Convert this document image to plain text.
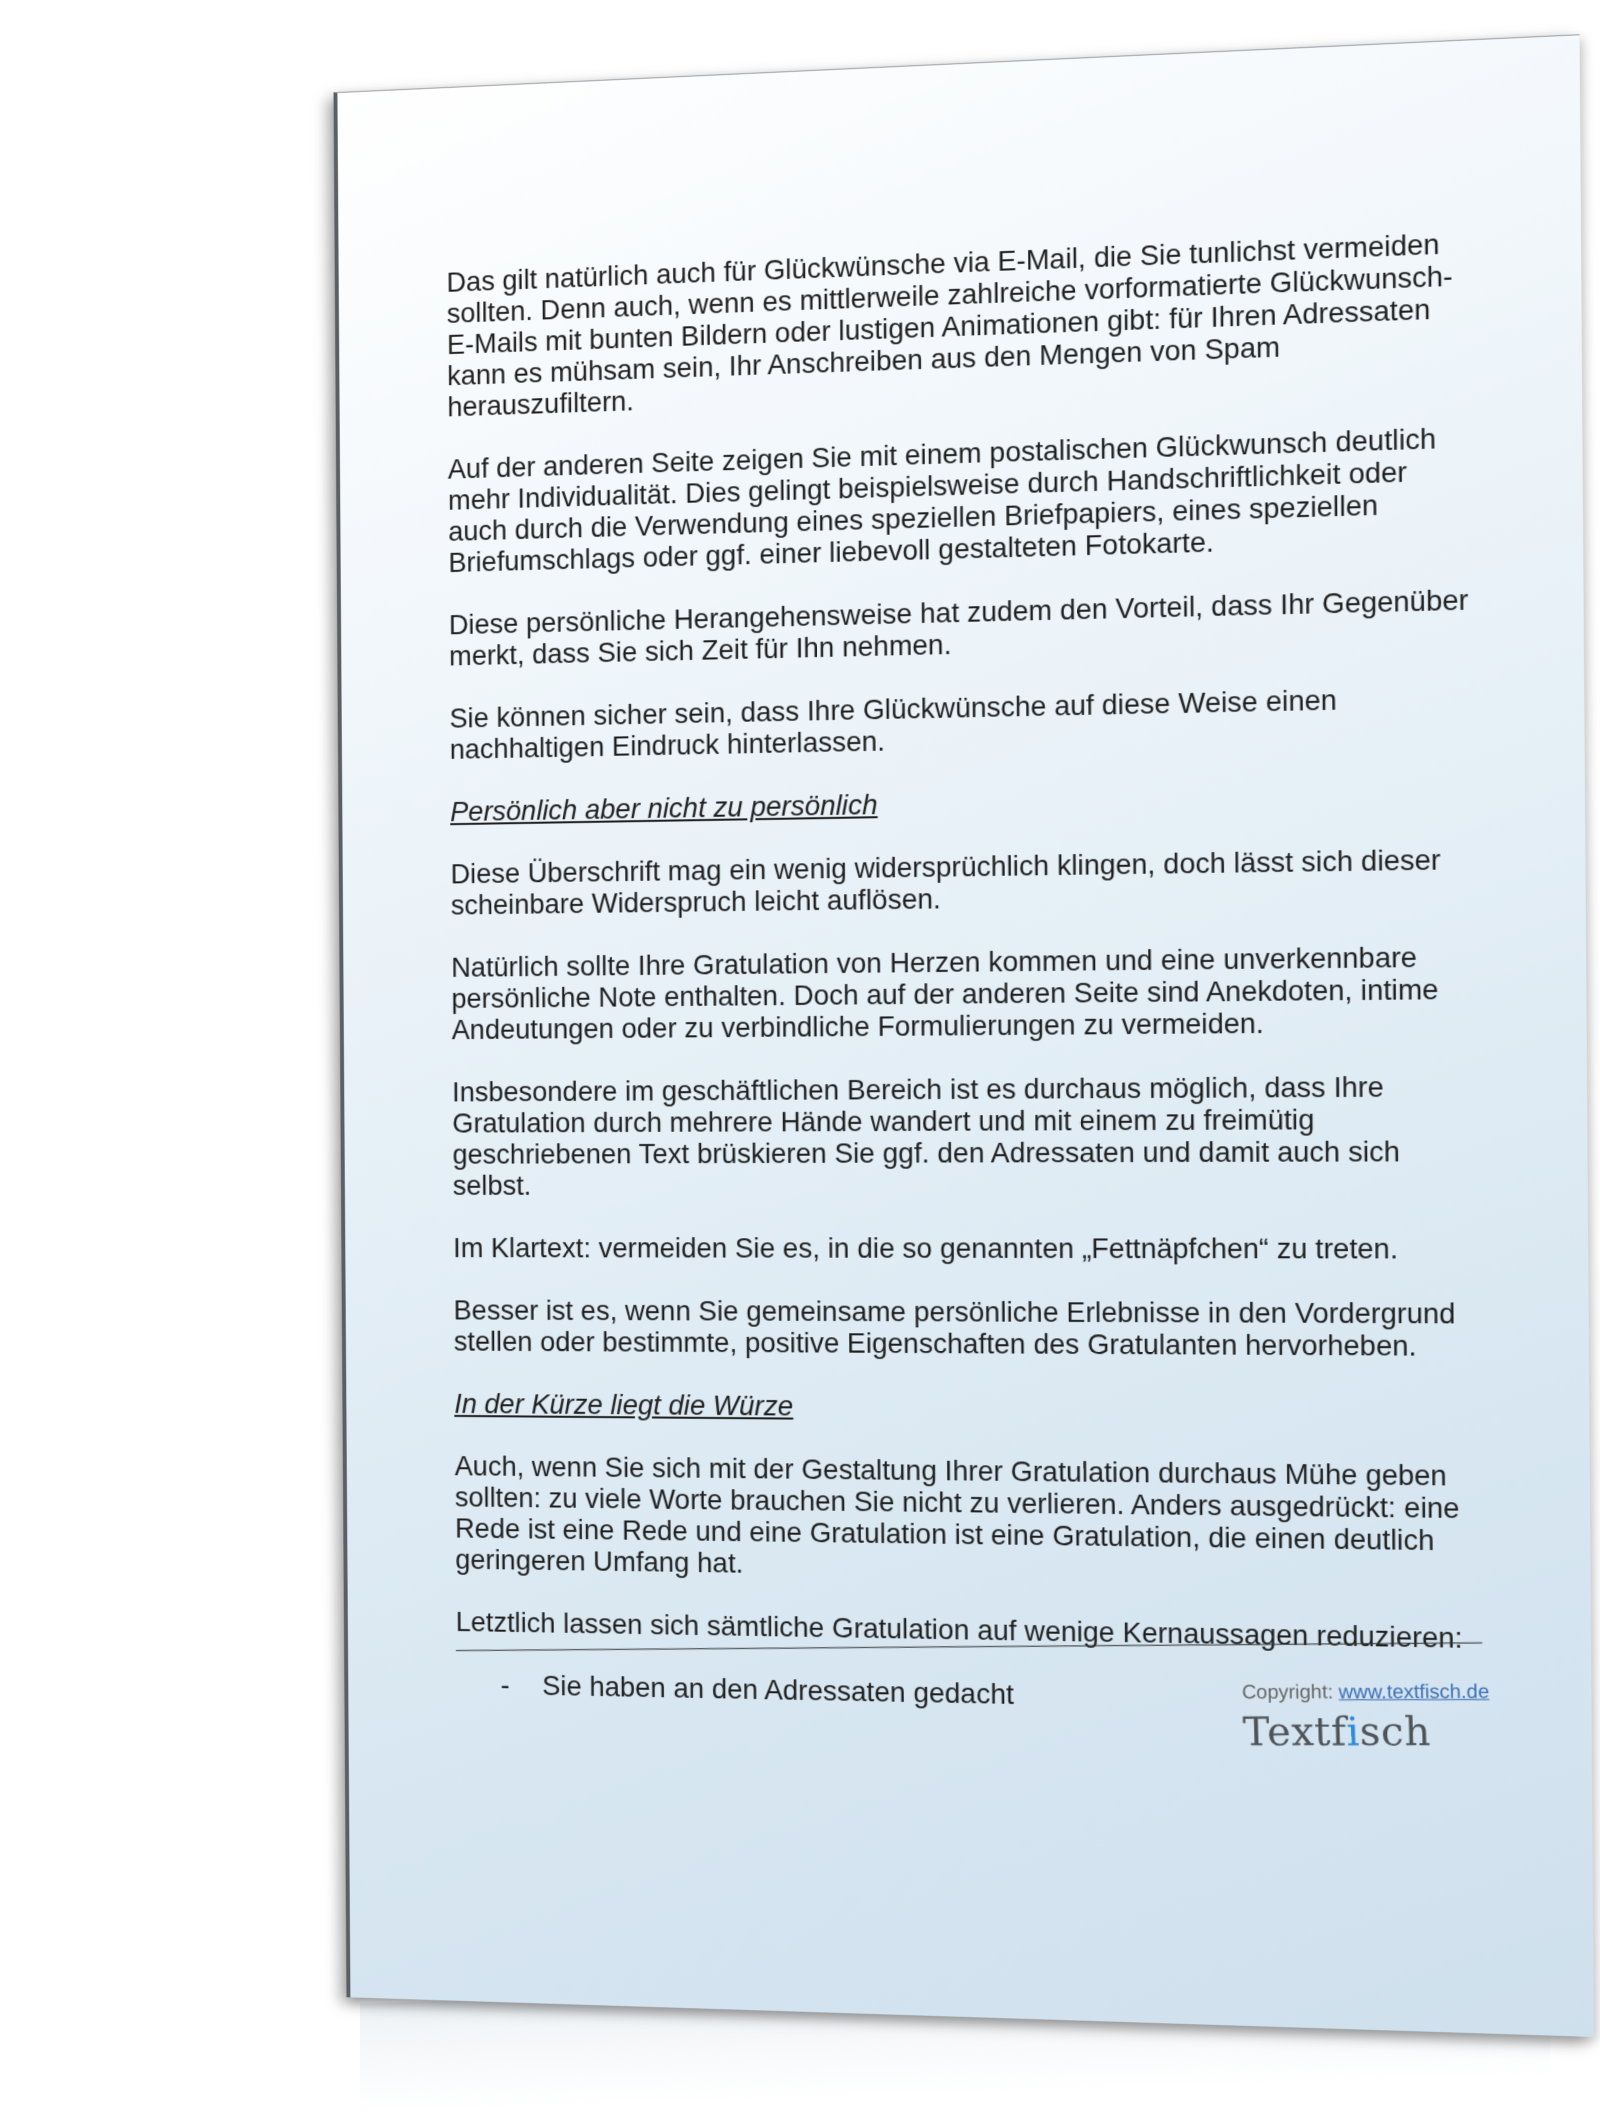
Das gilt natürlich auch für Glückwünsche via E-Mail, die Sie tunlichst vermeiden sollten. Denn auch, wenn es mittlerweile zahlreiche vorformatierte Glückwunsch-E-Mails mit bunten Bildern oder lustigen Animationen gibt: für Ihren Adressaten kann es mühsam sein, Ihr Anschreiben aus den Mengen von Spam herauszufiltern.

Auf der anderen Seite zeigen Sie mit einem postalischen Glückwunsch deutlich mehr Individualität. Dies gelingt beispielsweise durch Handschriftlichkeit oder auch durch die Verwendung eines speziellen Briefpapiers, eines speziellen Briefumschlags oder ggf. einer liebevoll gestalteten Fotokarte.

Diese persönliche Herangehensweise hat zudem den Vorteil, dass Ihr Gegenüber merkt, dass Sie sich Zeit für Ihn nehmen.

Sie können sicher sein, dass Ihre Glückwünsche auf diese Weise einen nachhaltigen Eindruck hinterlassen.

Persönlich aber nicht zu persönlich

Diese Überschrift mag ein wenig widersprüchlich klingen, doch lässt sich dieser scheinbare Widerspruch leicht auflösen.

Natürlich sollte Ihre Gratulation von Herzen kommen und eine unverkennbare persönliche Note enthalten. Doch auf der anderen Seite sind Anekdoten, intime Andeutungen oder zu verbindliche Formulierungen zu vermeiden.

Insbesondere im geschäftlichen Bereich ist es durchaus möglich, dass Ihre Gratulation durch mehrere Hände wandert und mit einem zu freimütig geschriebenen Text brüskieren Sie ggf. den Adressaten und damit auch sich selbst.

Im Klartext: vermeiden Sie es, in die so genannten „Fettnäpfchen“ zu treten.

Besser ist es, wenn Sie gemeinsame persönliche Erlebnisse in den Vordergrund stellen oder bestimmte, positive Eigenschaften des Gratulanten hervorheben.

In der Kürze liegt die Würze

Auch, wenn Sie sich mit der Gestaltung Ihrer Gratulation durchaus Mühe geben sollten: zu viele Worte brauchen Sie nicht zu verlieren. Anders ausgedrückt: eine Rede ist eine Rede und eine Gratulation ist eine Gratulation, die einen deutlich geringeren Umfang hat.

Letztlich lassen sich sämtliche Gratulation auf wenige Kernaussagen reduzieren:

-	Sie haben an den Adressaten gedacht	Copyright: www.textfisch.de
Textfisch
